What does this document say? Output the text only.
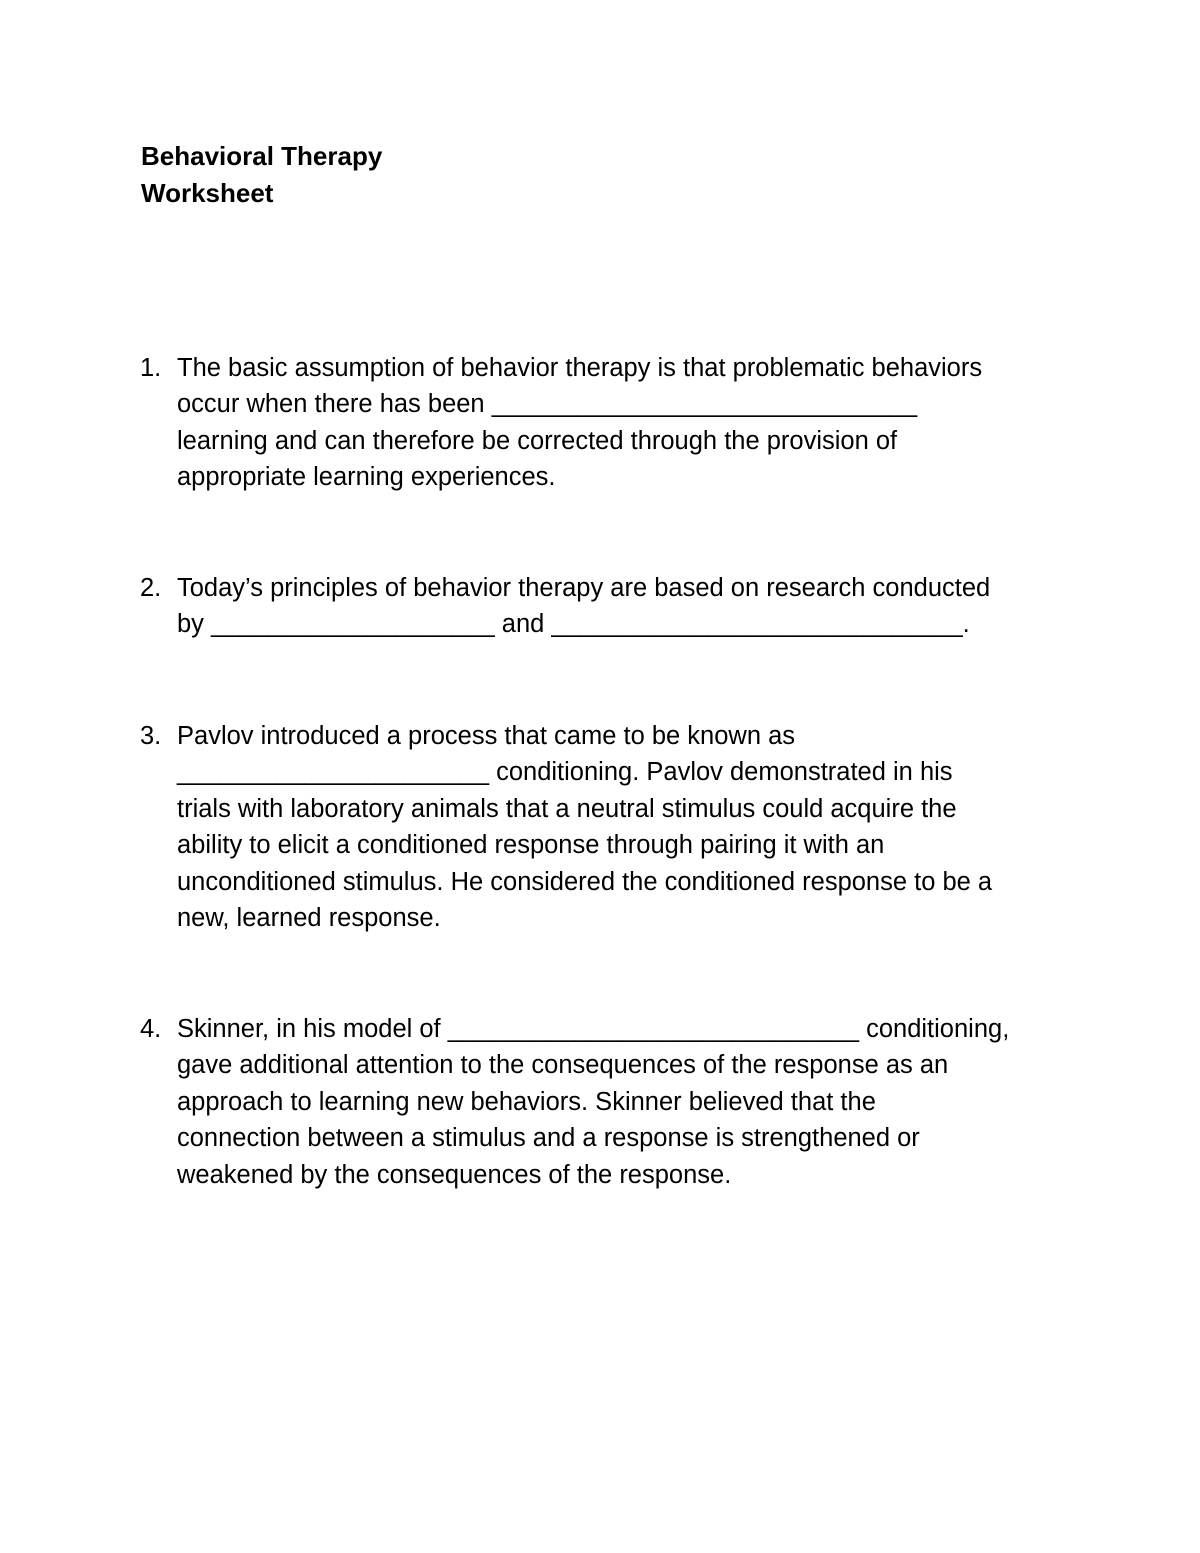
Behavioral Therapy
Worksheet
1. The basic assumption of behavior therapy is that problematic behaviors
occur when there has been ______________________________
learning and can therefore be corrected through the provision of
appropriate learning experiences.
2. Today’s principles of behavior therapy are based on research conducted
by ____________________ and _____________________________.
3. Pavlov introduced a process that came to be known as
______________________ conditioning. Pavlov demonstrated in his
trials with laboratory animals that a neutral stimulus could acquire the
ability to elicit a conditioned response through pairing it with an
unconditioned stimulus. He considered the conditioned response to be a
new, learned response.
4. Skinner, in his model of _____________________________ conditioning,
gave additional attention to the consequences of the response as an
approach to learning new behaviors. Skinner believed that the
connection between a stimulus and a response is strengthened or
weakened by the consequences of the response.
